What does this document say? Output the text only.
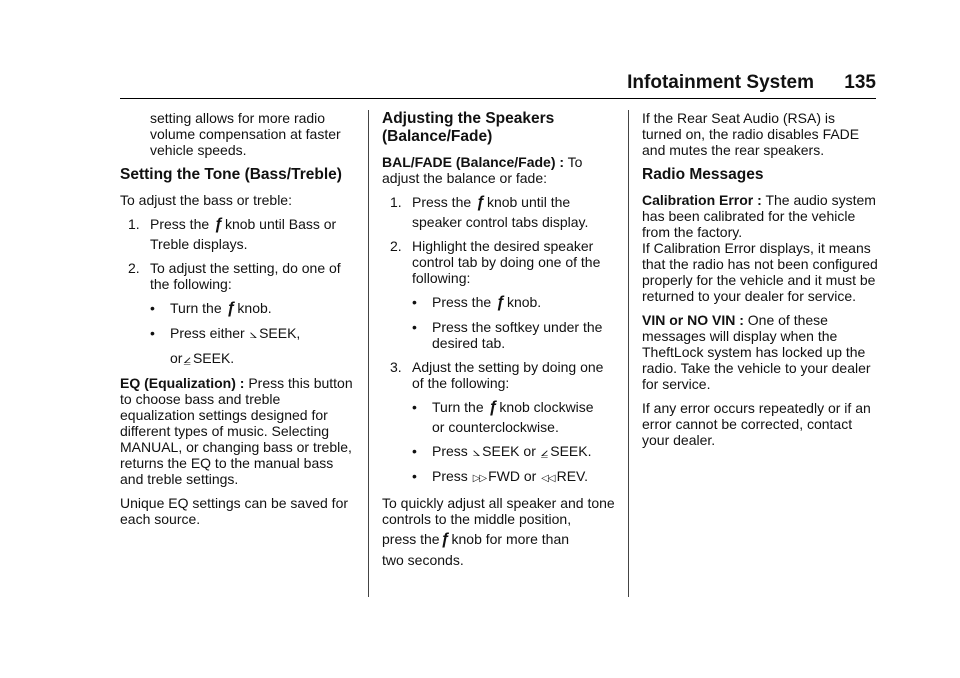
Infotainment System 135

setting allows for more radio volume compensation at faster vehicle speeds.

Setting the Tone (Bass/Treble)

To adjust the bass or treble:

1. Press the ƒ knob until Bass or
Treble displays.
2. To adjust the setting, do one of the following:
• Turn the ƒ knob.
• Press either ⦣ SEEK,
or⦤ SEEK.

EQ (Equalization) : Press this button to choose bass and treble equalization settings designed for different types of music. Selecting MANUAL, or changing bass or treble, returns the EQ to the manual bass and treble settings.

Unique EQ settings can be saved for each source.

Adjusting the Speakers (Balance/Fade)

BAL/FADE (Balance/Fade) : To adjust the balance or fade:

1. Press the ƒ knob until the
speaker control tabs display.
2. Highlight the desired speaker control tab by doing one of the following:
• Press the ƒ knob.
• Press the softkey under the desired tab.
3. Adjust the setting by doing one of the following:
• Turn the ƒ knob clockwise
or counterclockwise.
• Press ⦣ SEEK or ⦤ SEEK.
• Press ▷▷ FWD or ◁◁ REV.

To quickly adjust all speaker and tone controls to the middle position,

press theƒ knob for more than

two seconds.

If the Rear Seat Audio (RSA) is turned on, the radio disables FADE and mutes the rear speakers.

Radio Messages

Calibration Error : The audio system has been calibrated for the vehicle from the factory.

If Calibration Error displays, it means that the radio has not been configured properly for the vehicle and it must be returned to your dealer for service.

VIN or NO VIN : One of these messages will display when the TheftLock system has locked up the radio. Take the vehicle to your dealer for service.

If any error occurs repeatedly or if an error cannot be corrected, contact your dealer.
